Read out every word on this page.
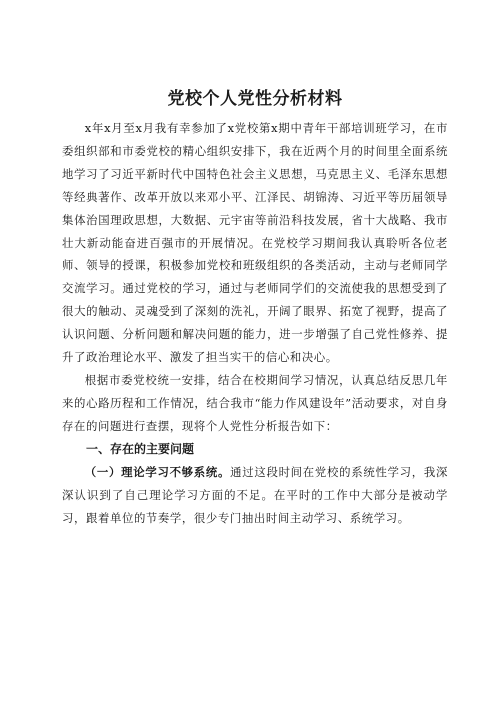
党校个人党性分析材料

x年x月至x月我有幸参加了x党校第x期中青年干部培训班学习，在市委组织部和市委党校的精心组织安排下，我在近两个月的时间里全面系统地学习了习近平新时代中国特色社会主义思想，马克思主义、毛泽东思想等经典著作、改革开放以来邓小平、江泽民、胡锦涛、习近平等历届领导集体治国理政思想，大数据、元宇宙等前沿科技发展，省十大战略、我市壮大新动能奋进百强市的开展情况。在党校学习期间我认真聆听各位老师、领导的授课，积极参加党校和班级组织的各类活动，主动与老师同学交流学习。通过党校的学习，通过与老师同学们的交流使我的思想受到了很大的触动、灵魂受到了深刻的洗礼，开阔了眼界、拓宽了视野，提高了认识问题、分析问题和解决问题的能力，进一步增强了自己党性修养、提升了政治理论水平、激发了担当实干的信心和决心。

根据市委党校统一安排，结合在校期间学习情况，认真总结反思几年来的心路历程和工作情况，结合我市“能力作风建设年”活动要求，对自身存在的问题进行查摆，现将个人党性分析报告如下：

一、存在的主要问题

（一）理论学习不够系统。通过这段时间在党校的系统性学习，我深深认识到了自己理论学习方面的不足。在平时的工作中大部分是被动学习，跟着单位的节奏学，很少专门抽出时间主动学习、系统学习。
